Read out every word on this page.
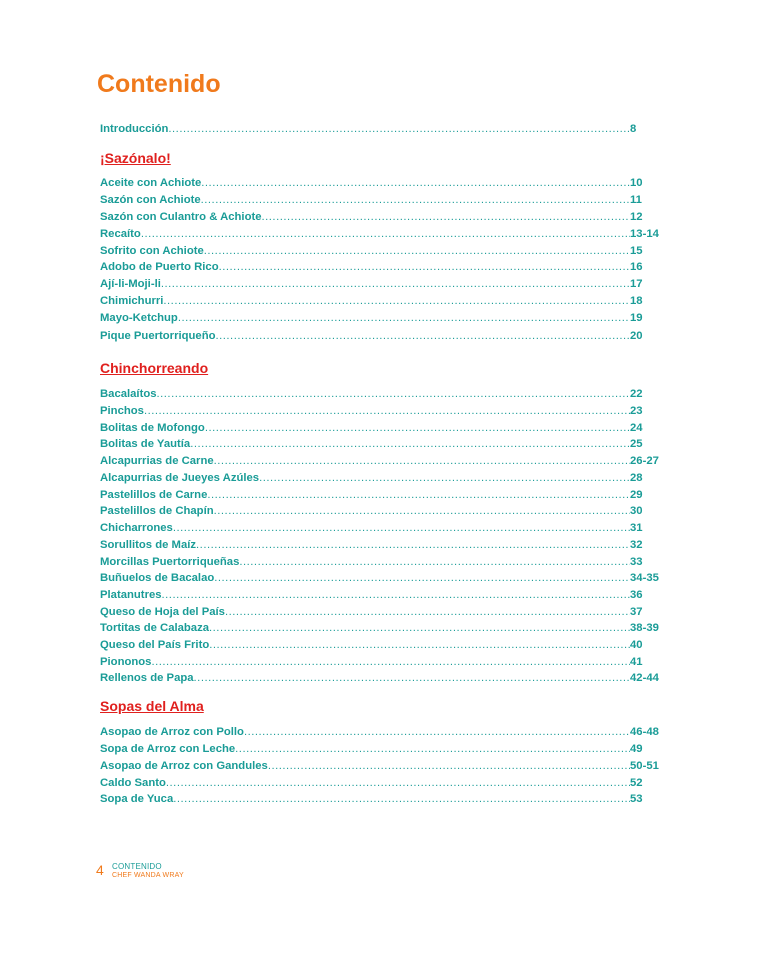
Contenido
Introducción .....	8
¡Sazónalo!
Aceite con Achiote .....	10
Sazón con Achiote .....	11
Sazón con Culantro & Achiote .....	12
Recaíto .....	13-14
Sofrito con Achiote .....	15
Adobo de Puerto Rico .....	16
Ají-li-Moji-li .....	17
Chimichurri .....	18
Mayo-Ketchup .....	19
Pique Puertorriqueño .....	20
Chinchorreando
Bacalaítos .....	22
Pinchos .....	23
Bolitas de Mofongo .....	24
Bolitas de Yautía .....	25
Alcapurrias de Carne .....	26-27
Alcapurrias de Jueyes Azúles .....	28
Pastelillos de Carne .....	29
Pastelillos de Chapín .....	30
Chicharrones .....	31
Sorullitos de Maíz .....	32
Morcillas Puertorriqueñas .....	33
Buñuelos de Bacalao .....	34-35
Platanutres .....	36
Queso de Hoja del País .....	37
Tortitas de Calabaza .....	38-39
Queso del País Frito .....	40
Piononos .....	41
Rellenos de Papa .....	42-44
Sopas del Alma
Asopao de Arroz con Pollo .....	46-48
Sopa de Arroz con Leche .....	49
Asopao de Arroz con Gandules .....	50-51
Caldo Santo .....	52
Sopa de Yuca .....	53
4 CONTENIDO
CHEF WANDA WRAY
